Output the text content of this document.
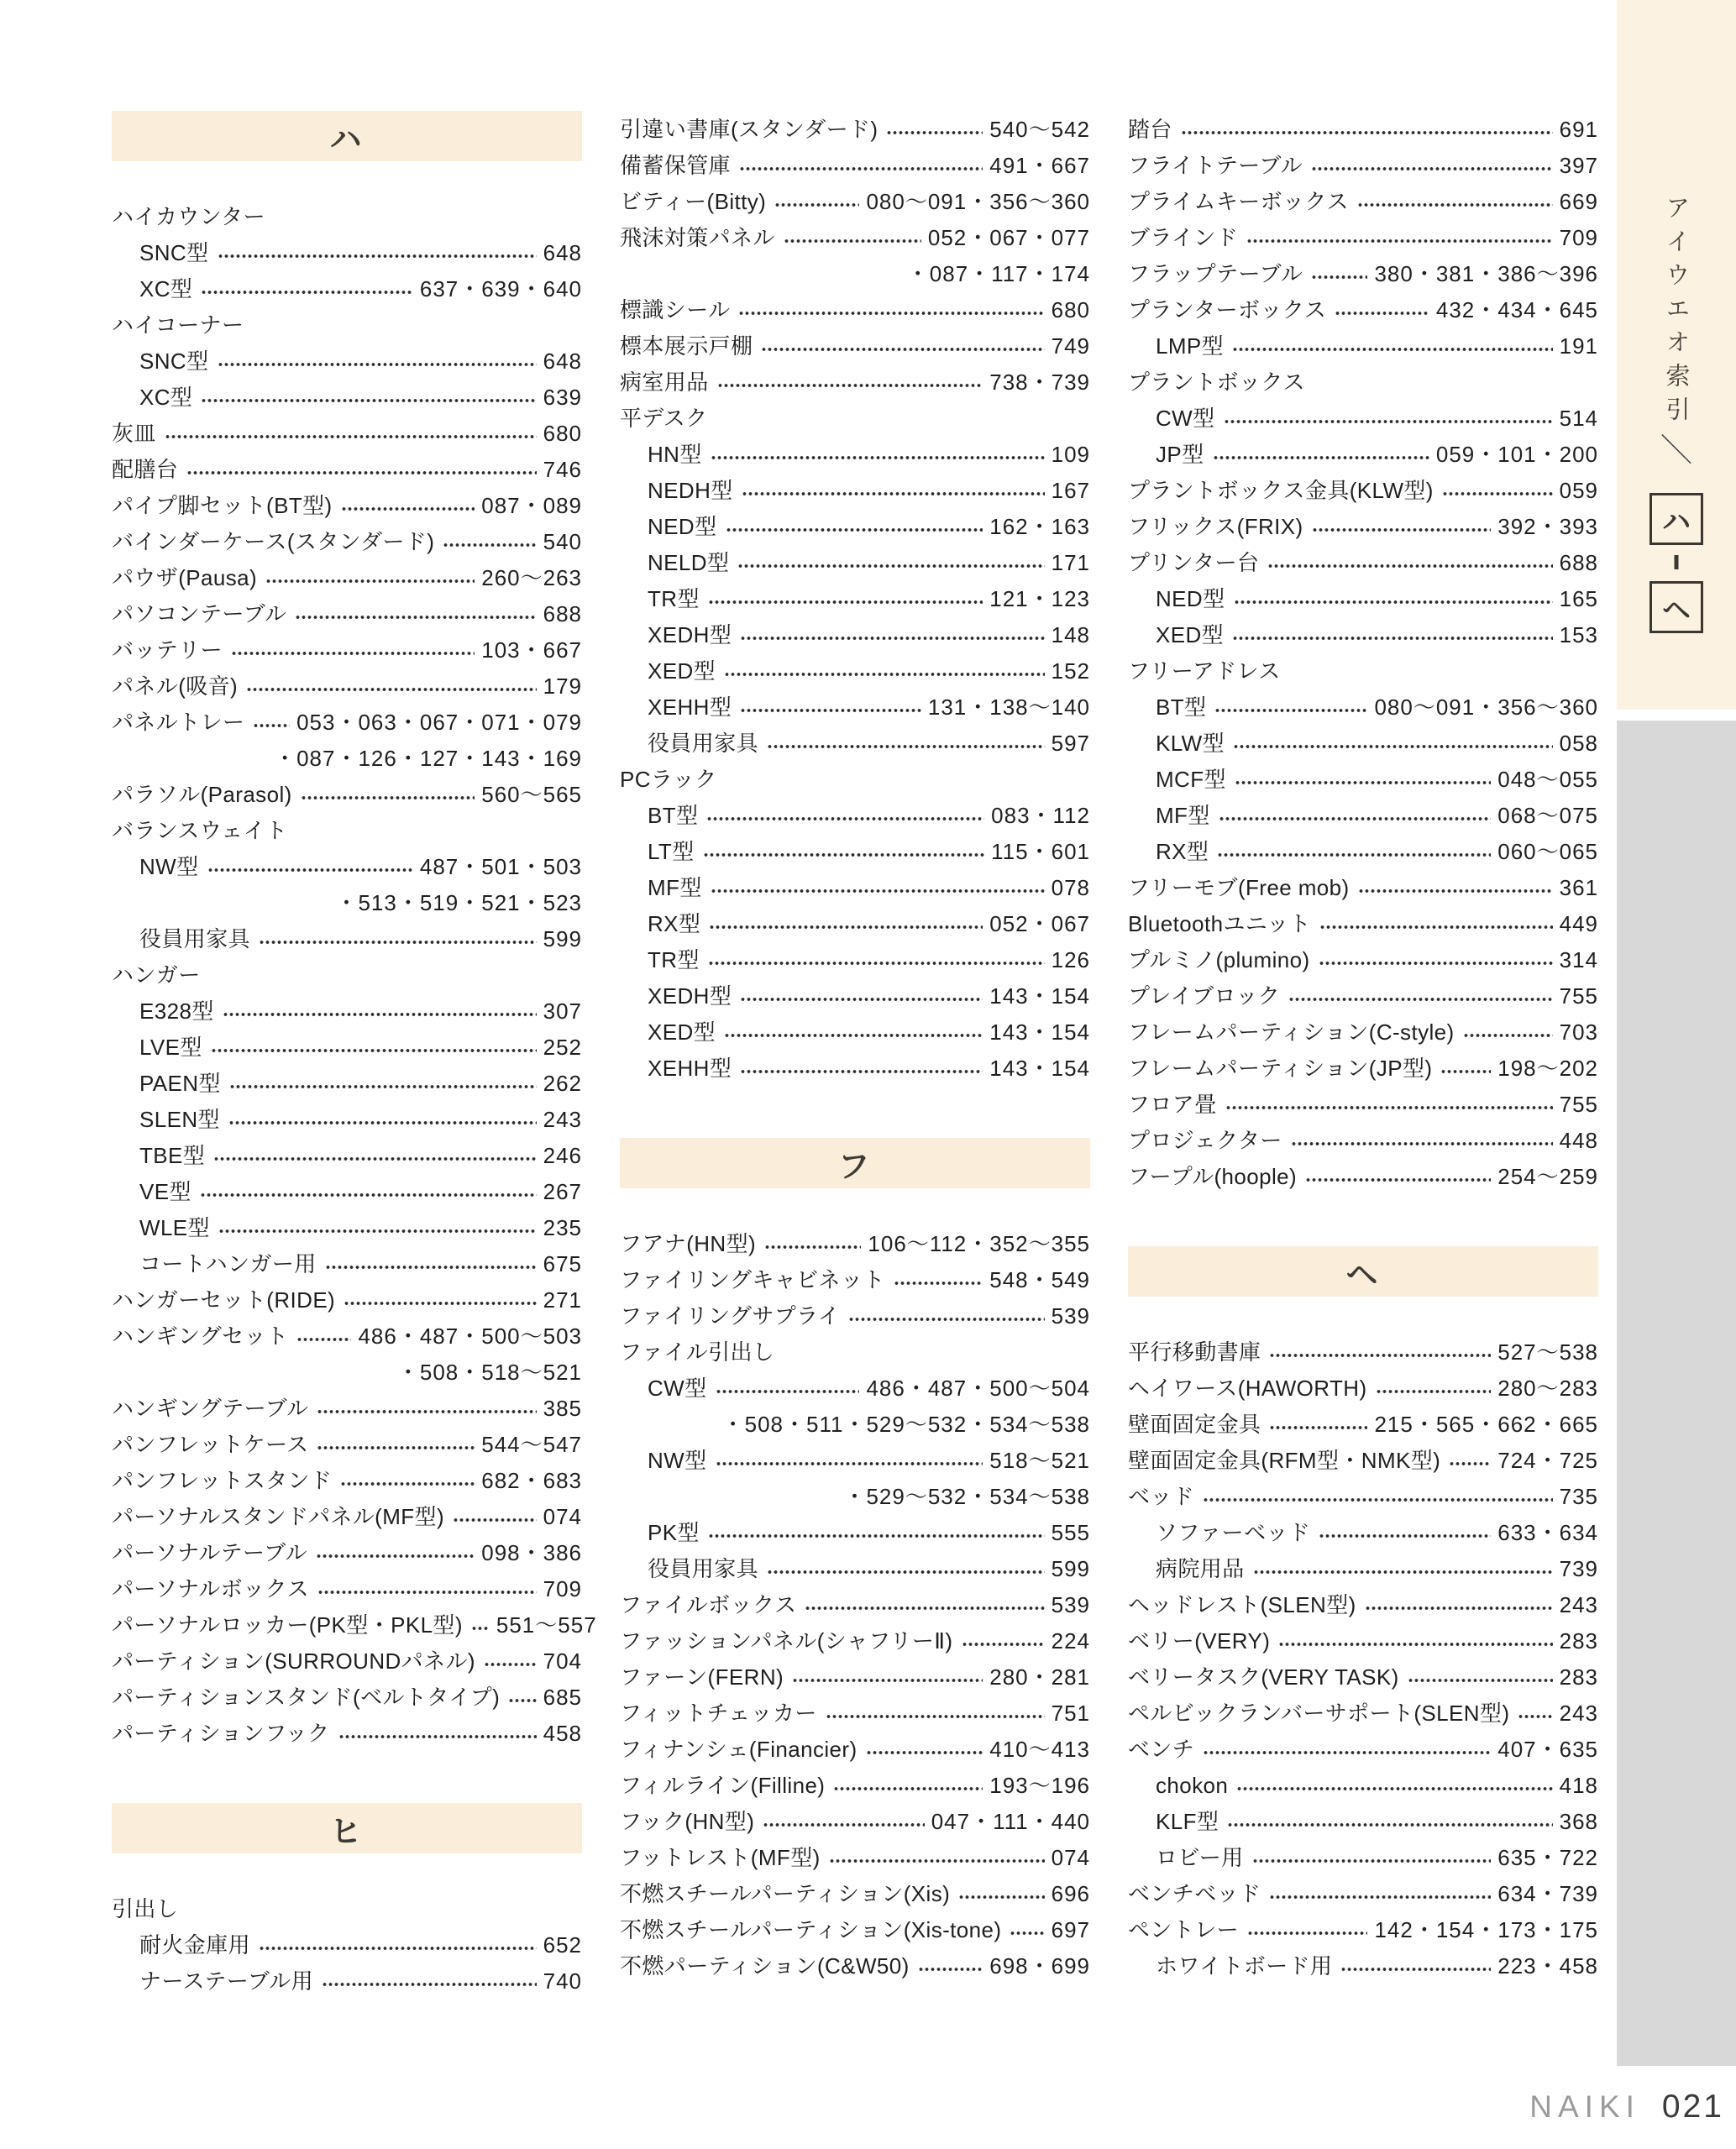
ハ
ハイカウンター
SNC型	648
XC型	637・639・640
ハイコーナー
SNC型	648
XC型	639
灰皿	680
配膳台	746
パイプ脚セット(BT型)	087・089
バインダーケース(スタンダード)	540
パウザ(Pausa)	260～263
パソコンテーブル	688
バッテリー	103・667
パネル(吸音)	179
パネルトレー 053・063・067・071・079
・087・126・127・143・169
パラソル(Parasol)	560～565
バランスウェイト
NW型	487・501・503
・513・519・521・523
役員用家具	599
ハンガー
E328型	307
LVE型	252
PAEN型	262
SLEN型	243
TBE型	246
VE型	267
WLE型	235
コートハンガー用	675
ハンガーセット(RIDE)	271
ハンギングセット	486・487・500～503
・508・518～521
ハンギングテーブル	385
パンフレットケース	544～547
パンフレットスタンド	682・683
パーソナルスタンドパネル(MF型)	074
パーソナルテーブル	098・386
パーソナルボックス	709
パーソナルロッカー(PK型・PKL型) 551～557
パーティション(SURROUNDパネル)	704
パーティションスタンド(ベルトタイプ) 685
パーティションフック	458
ヒ
引出し
耐火金庫用	652
ナーステーブル用	740
引違い書庫(スタンダード)	540～542
備蓄保管庫	491・667
ビティー(Bitty)	080～091・356～360
飛沫対策パネル	052・067・077
・087・117・174
標識シール	680
標本展示戸棚	749
病室用品	738・739
平デスク
HN型	109
NEDH型	167
NED型	162・163
NELD型	171
TR型	121・123
XEDH型	148
XED型	152
XEHH型	131・138～140
役員用家具	597
PCラック
BT型	083・112
LT型	115・601
MF型	078
RX型	052・067
TR型	126
XEDH型	143・154
XED型	143・154
XEHH型	143・154
フ
フアナ(HN型)	106～112・352～355
ファイリングキャビネット	548・549
ファイリングサプライ	539
ファイル引出し
CW型	486・487・500～504
・508・511・529～532・534～538
NW型	518～521
・529～532・534～538
PK型	555
役員用家具	599
ファイルボックス	539
ファッションパネル(シャフリーⅡ)	224
ファーン(FERN)	280・281
フィットチェッカー	751
フィナンシェ(Financier)	410～413
フィルライン(Filline)	193～196
フック(HN型)	047・111・440
フットレスト(MF型)	074
不燃スチールパーティション(Xis)	696
不燃スチールパーティション(Xis-tone) 697
不燃パーティション(C&W50)	698・699
踏台	691
フライトテーブル	397
プライムキーボックス	669
ブラインド	709
フラップテーブル	380・381・386～396
プランターボックス	432・434・645
LMP型	191
プラントボックス
CW型	514
JP型	059・101・200
プラントボックス金具(KLW型)	059
フリックス(FRIX)	392・393
プリンター台	688
NED型	165
XED型	153
フリーアドレス
BT型	080～091・356～360
KLW型	058
MCF型	048～055
MF型	068～075
RX型	060～065
フリーモブ(Free mob)	361
Bluetoothユニット	449
プルミノ(plumino)	314
プレイブロック	755
フレームパーティション(C-style)	703
フレームパーティション(JP型)	198～202
フロア畳	755
プロジェクター	448
フープル(hoople)	254～259
ヘ
平行移動書庫	527～538
ヘイワース(HAWORTH)	280～283
壁面固定金具	215・565・662・665
壁面固定金具(RFM型・NMK型)	724・725
ベッド	735
ソファーベッド	633・634
病院用品	739
ヘッドレスト(SLEN型)	243
ベリー(VERY)	283
ベリータスク(VERY TASK)	283
ペルビックランバーサポート(SLEN型) 243
ベンチ	407・635
chokon	418
KLF型	368
ロビー用	635・722
ベンチベッド	634・739
ペントレー	142・154・173・175
ホワイトボード用	223・458
アイウエオ索引
＼
ハ
ヘ
NAIKI 021
